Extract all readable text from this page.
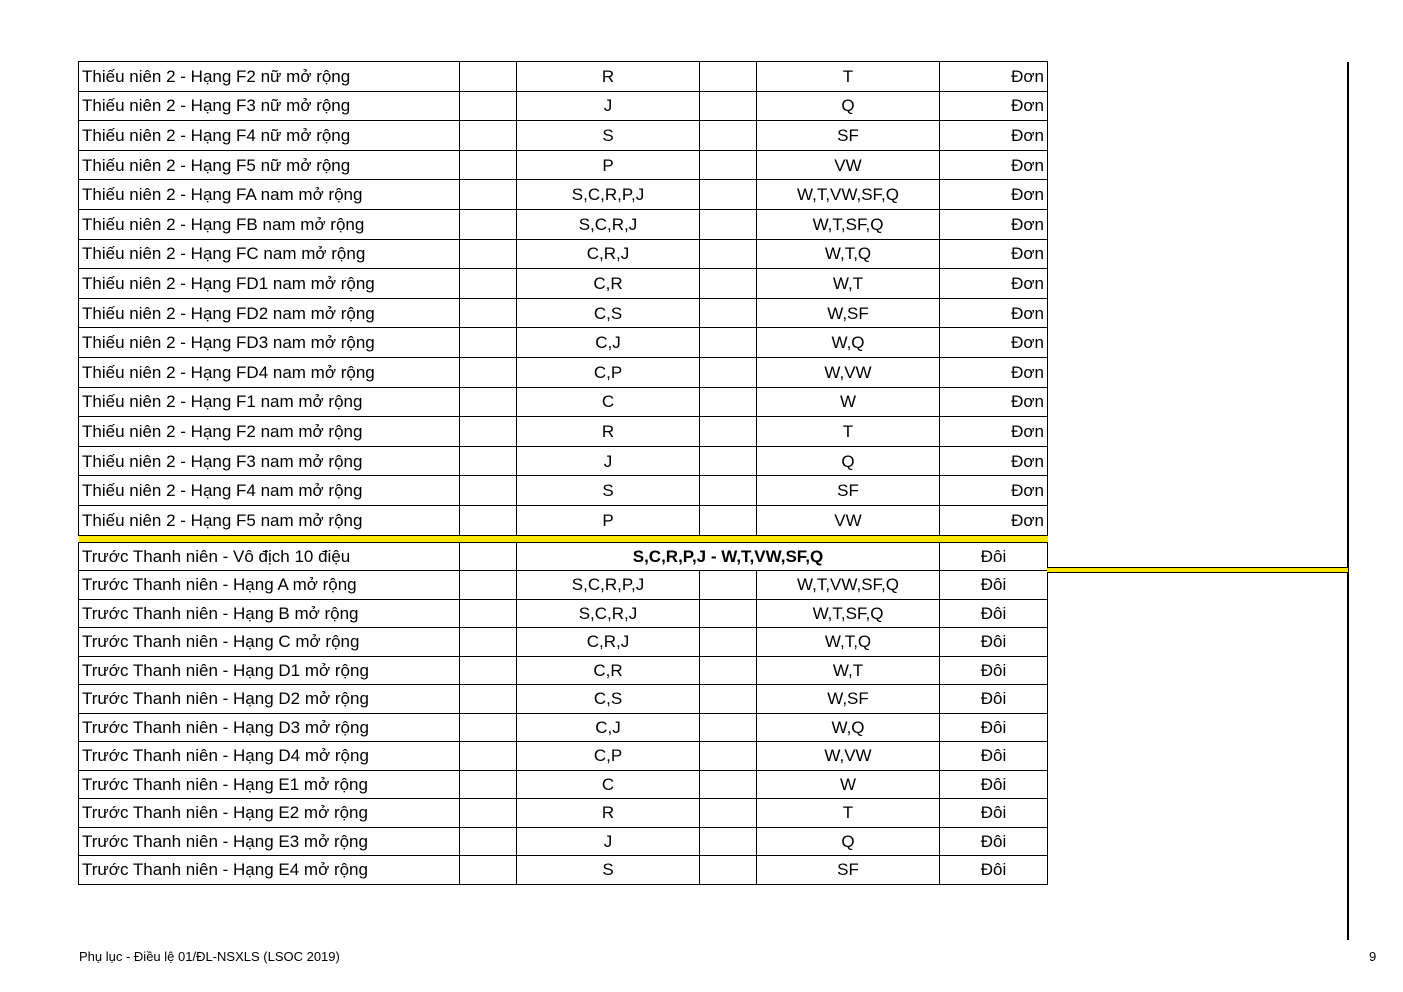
Thiếu niên 2 - Hạng F2 nữ mở rộng		R		T	Đơn
Thiếu niên 2 - Hạng F3 nữ mở rộng		J		Q	Đơn
Thiếu niên 2 - Hạng F4 nữ mở rộng		S		SF	Đơn
Thiếu niên 2 - Hạng F5 nữ mở rộng		P		VW	Đơn
Thiếu niên 2 - Hạng FA nam mở rộng		S,C,R,P,J		W,T,VW,SF,Q	Đơn
Thiếu niên 2 - Hạng FB nam mở rộng		S,C,R,J		W,T,SF,Q	Đơn
Thiếu niên 2 - Hạng FC nam mở rộng		C,R,J		W,T,Q	Đơn
Thiếu niên 2 - Hạng FD1 nam mở rộng		C,R		W,T	Đơn
Thiếu niên 2 - Hạng FD2 nam mở rộng		C,S		W,SF	Đơn
Thiếu niên 2 - Hạng FD3 nam mở rộng		C,J		W,Q	Đơn
Thiếu niên 2 - Hạng FD4 nam mở rộng		C,P		W,VW	Đơn
Thiếu niên 2 - Hạng F1 nam mở rộng		C		W	Đơn
Thiếu niên 2 - Hạng F2 nam mở rộng		R		T	Đơn
Thiếu niên 2 - Hạng F3 nam mở rộng		J		Q	Đơn
Thiếu niên 2 - Hạng F4 nam mở rộng		S		SF	Đơn
Thiếu niên 2 - Hạng F5 nam mở rộng		P		VW	Đơn

Trước Thanh niên - Vô địch 10 điệu		S,C,R,P,J - W,T,VW,SF,Q			Đôi
Trước Thanh niên - Hạng A mở rộng		S,C,R,P,J		W,T,VW,SF,Q	Đôi
Trước Thanh niên - Hạng B mở rộng		S,C,R,J		W,T,SF,Q	Đôi
Trước Thanh niên - Hạng C mở rộng		C,R,J		W,T,Q	Đôi
Trước Thanh niên - Hạng D1 mở rộng		C,R		W,T	Đôi
Trước Thanh niên - Hạng D2 mở rộng		C,S		W,SF	Đôi
Trước Thanh niên - Hạng D3 mở rộng		C,J		W,Q	Đôi
Trước Thanh niên - Hạng D4 mở rộng		C,P		W,VW	Đôi
Trước Thanh niên - Hạng E1 mở rộng		C		W	Đôi
Trước Thanh niên - Hạng E2 mở rộng		R		T	Đôi
Trước Thanh niên - Hạng E3 mở rộng		J		Q	Đôi
Trước Thanh niên - Hạng E4 mở rộng		S		SF	Đôi
Phụ lục - Điều lệ 01/ĐL-NSXLS (LSOC 2019)	9
